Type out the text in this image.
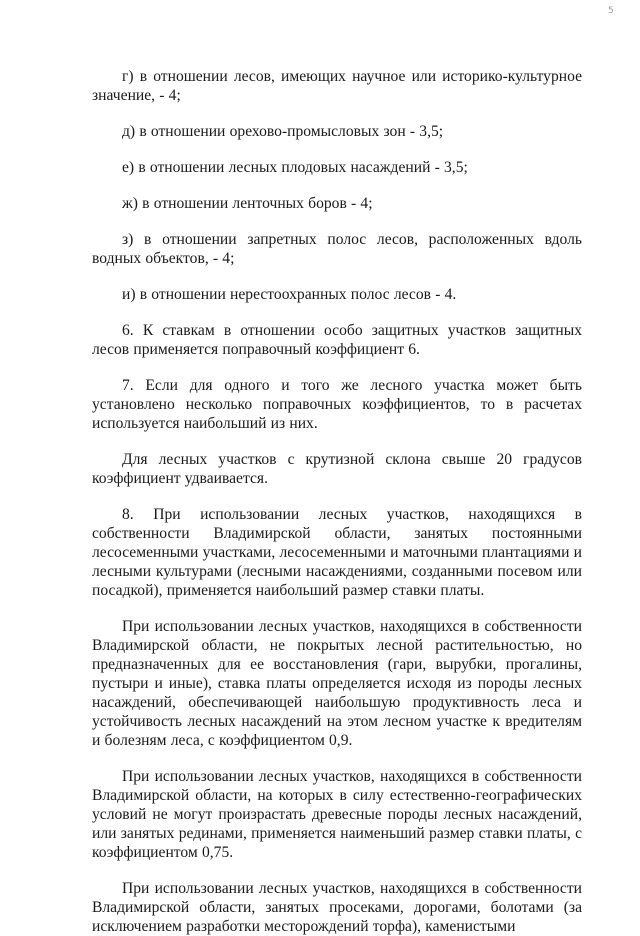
5

г) в отношении лесов, имеющих научное или историко-культурное значение, - 4;

д) в отношении орехово-промысловых зон - 3,5;

е) в отношении лесных плодовых насаждений - 3,5;

ж) в отношении ленточных боров - 4;

з) в отношении запретных полос лесов, расположенных вдоль водных объектов, - 4;

и) в отношении нерестоохранных полос лесов - 4.

6. К ставкам в отношении особо защитных участков защитных лесов применяется поправочный коэффициент 6.

7. Если для одного и того же лесного участка может быть установлено несколько поправочных коэффициентов, то в расчетах используется наибольший из них.

Для лесных участков с крутизной склона свыше 20 градусов коэффициент удваивается.

8. При использовании лесных участков, находящихся в собственности Владимирской области, занятых постоянными лесосеменными участками, лесосеменными и маточными плантациями и лесными культурами (лесными насаждениями, созданными посевом или посадкой), применяется наибольший размер ставки платы.

При использовании лесных участков, находящихся в собственности Владимирской области, не покрытых лесной растительностью, но предназначенных для ее восстановления (гари, вырубки, прогалины, пустыри и иные), ставка платы определяется исходя из породы лесных насаждений, обеспечивающей наибольшую продуктивность леса и устойчивость лесных насаждений на этом лесном участке к вредителям и болезням леса, с коэффициентом 0,9.

При использовании лесных участков, находящихся в собственности Владимирской области, на которых в силу естественно-географических условий не могут произрастать древесные породы лесных насаждений, или занятых рединами, применяется наименьший размер ставки платы, с коэффициентом 0,75.

При использовании лесных участков, находящихся в собственности Владимирской области, занятых просеками, дорогами, болотами (за исключением разработки месторождений торфа), каменистыми
